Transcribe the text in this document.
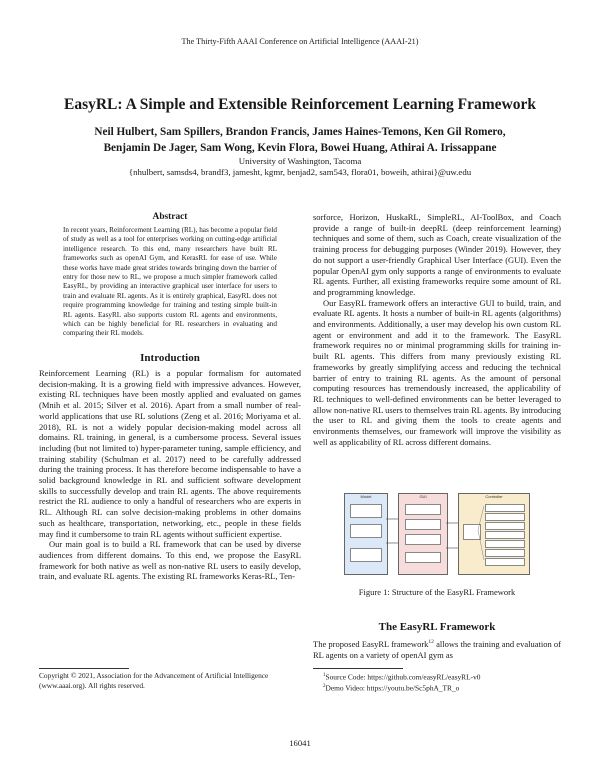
The Thirty-Fifth AAAI Conference on Artificial Intelligence (AAAI-21)
EasyRL: A Simple and Extensible Reinforcement Learning Framework
Neil Hulbert, Sam Spillers, Brandon Francis, James Haines-Temons, Ken Gil Romero,
Benjamin De Jager, Sam Wong, Kevin Flora, Bowei Huang, Athirai A. Irissappane
University of Washington, Tacoma
{nhulbert, samsds4, brandf3, jamesht, kgmr, benjad2, sam543, flora01, boweih, athirai}@uw.edu
Abstract
In recent years, Reinforcement Learning (RL), has become a popular field of study as well as a tool for enterprises working on cutting-edge artificial intelligence research. To this end, many researchers have built RL frameworks such as openAI Gym, and KerasRL for ease of use. While these works have made great strides towards bringing down the barrier of entry for those new to RL, we propose a much simpler framework called EasyRL, by providing an interactive graphical user interface for users to train and evaluate RL agents. As it is entirely graphical, EasyRL does not require programming knowledge for training and testing simple built-in RL agents. EasyRL also supports custom RL agents and environments, which can be highly beneficial for RL researchers in evaluating and comparing their RL models.
Introduction

Reinforcement Learning (RL) is a popular formalism for automated decision-making. It is a growing field with impressive advances. However, existing RL techniques have been mostly applied and evaluated on games (Mnih et al. 2015; Silver et al. 2016). Apart from a small number of real-world applications that use RL solutions (Zeng et al. 2016; Moriyama et al. 2018), RL is not a widely popular decision-making model across all domains. RL training, in general, is a cumbersome process. Several issues including (but not limited to) hyper-parameter tuning, sample efficiency, and training stability (Schulman et al. 2017) need to be carefully addressed during the training process. It has therefore become indispensable to have a solid background knowledge in RL and sufficient software development skills to successfully develop and train RL agents. The above requirements restrict the RL audience to only a handful of researchers who are experts in RL. Although RL can solve decision-making problems in other domains such as healthcare, transportation, networking, etc., people in these fields may find it cumbersome to train RL agents without sufficient expertise.

Our main goal is to build a RL framework that can be used by diverse audiences from different domains. To this end, we propose the EasyRL framework for both native as well as non-native RL users to easily develop, train, and evaluate RL agents. The existing RL frameworks Keras-RL, Ten-

sorforce, Horizon, HuskaRL, SimpleRL, AI-ToolBox, and Coach provide a range of built-in deepRL (deep reinforcement learning) techniques and some of them, such as Coach, create visualization of the training process for debugging purposes (Winder 2019). However, they do not support a user-friendly Graphical User Interface (GUI). Even the popular OpenAI gym only supports a range of environments to evaluate RL agents. Further, all existing frameworks require some amount of RL and programming knowledge.

Our EasyRL framework offers an interactive GUI to build, train, and evaluate RL agents. It hosts a number of built-in RL agents (algorithms) and environments. Additionally, a user may develop his own custom RL agent or environment and add it to the framework. The EasyRL framework requires no or minimal programming skills for training in-built RL agents. This differs from many previously existing RL frameworks by greatly simplifying access and reducing the technical barrier of entry to training RL agents. As the amount of personal computing resources has tremendously increased, the applicability of RL techniques to well-defined environments can be better leveraged to allow non-native RL users to themselves train RL agents. By introducing the user to RL and giving them the tools to create agents and environments themselves, our framework will improve the visibility as well as applicability of RL across different domains.

Model	GUI	Controller
Figure 1: Structure of the EasyRL Framework
The EasyRL Framework
The proposed EasyRL framework$^{12}$ allows the training and evaluation of RL agents on a variety of openAI gym as
Copyright © 2021, Association for the Advancement of Artificial Intelligence (www.aaai.org). All rights reserved.
$^1$Source Code: https://github.com/easyRL/easyRL-v0
$^2$Demo Video: https://youtu.be/Sc5phA_TR_o
16041
